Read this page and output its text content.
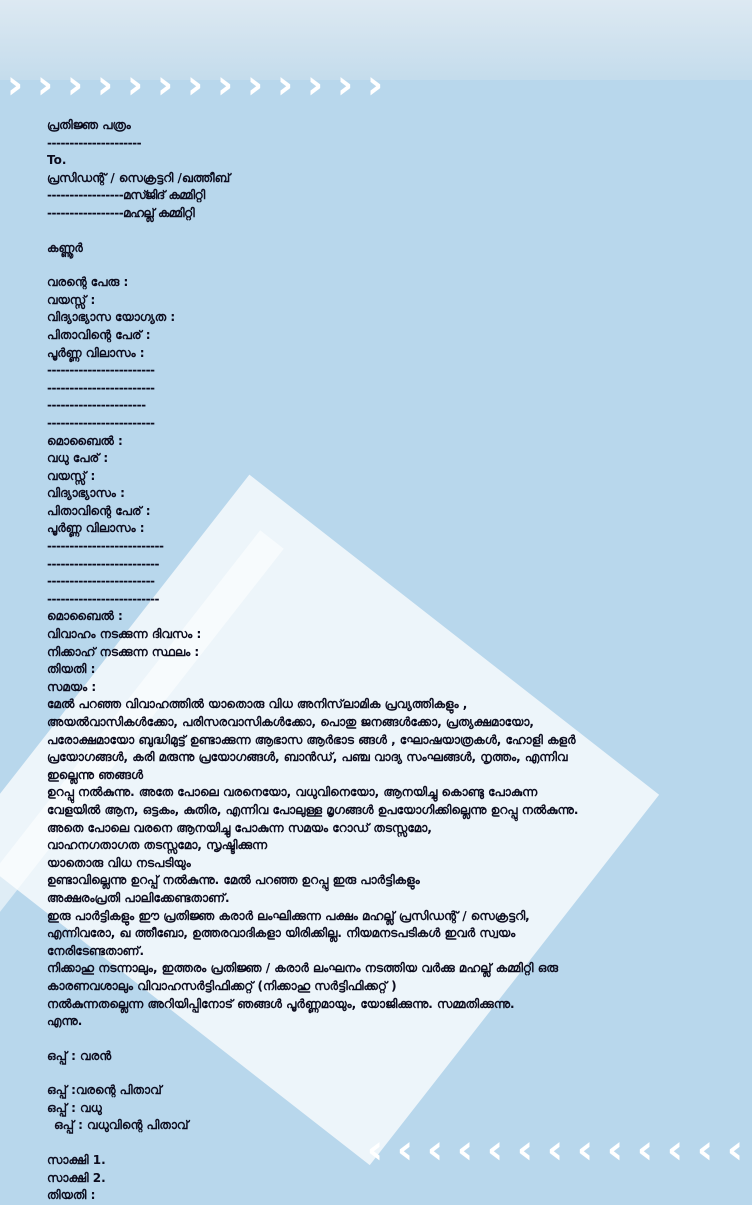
› › › › › › › › › › › › ›
‹ ‹ ‹ ‹ ‹ ‹ ‹ ‹ ‹ ‹ ‹ ‹ ‹

പ്രതിജ്ഞ പത്രം

---------------------

To.

പ്രസിഡന്റ് / സെക്രട്ടറി /ഖത്തീബ്

-----------------മസ്ജിദ് കമ്മിറ്റി

-----------------മഹല്ല് കമ്മിറ്റി

കണ്ണൂർ

വരന്റെ പേരു :

വയസ്സ് :

വിദ്യാഭ്യാസ യോഗ്യത :

പിതാവിന്റെ പേര് :

പൂർണ്ണ വിലാസം :

------------------------

------------------------

----------------------

------------------------

മൊബൈൽ :

വധു പേര് :

വയസ്സ് :

വിദ്യാഭ്യാസം :

പിതാവിന്റെ പേര് :

പൂർണ്ണ വിലാസം :

--------------------------

-------------------------

------------------------

-------------------------

മൊബൈൽ :

വിവാഹം നടക്കുന്ന ദിവസം :

നിക്കാഹ് നടക്കുന്ന സ്ഥലം :

തിയതി :

സമയം :

മേൽ പറഞ്ഞ വിവാഹത്തിൽ യാതൊരു വിധ അനിസ്‌ലാമിക പ്രവ്യത്തികളും ,

അയൽവാസികൾക്കോ, പരിസരവാസികൾക്കോ, പൊതു ജനങ്ങൾക്കോ, പ്രത്യക്ഷമായോ,

പരോക്ഷമായോ ബുദ്ധിമുട്ട് ഉണ്ടാക്കുന്ന ആഭാസ ആർഭാട ങ്ങൾ , ഘോഷയാത്രകൾ, ഹോളി കളർ

പ്രയോഗങ്ങൾ, കരി മരുന്നു പ്രയോഗങ്ങൾ, ബാൻഡ്, പഞ്ച വാദ്യ സംഘങ്ങൾ, നൃത്തം, എന്നിവ

ഇല്ലെന്നു ഞങ്ങൾ

ഉറപ്പു നൽകുന്നു. അതേ പോലെ വരനെയോ, വധുവിനെയോ, ആനയിച്ചു കൊണ്ടു പോകുന്ന

വേളയിൽ ആന, ഒട്ടകം, കുതിര, എന്നിവ പോലുള്ള മൃഗങ്ങൾ ഉപയോഗിക്കില്ലെന്നു ഉറപ്പു നൽകുന്നു.

അതെ പോലെ വരനെ ആനയിച്ചു പോകുന്ന സമയം റോഡ് തടസ്സമോ,

വാഹനഗതാഗത തടസ്സമോ, സൃഷ്ടിക്കുന്ന

യാതൊരു വിധ നടപടിയും

ഉണ്ടാവില്ലെന്നു ഉറപ്പ് നൽകുന്നു. മേൽ പറഞ്ഞ ഉറപ്പു ഇരു പാർട്ടികളും

അക്ഷരംപ്രതി പാലിക്കേണ്ടതാണ്.

ഇരു പാർട്ടികളും ഈ പ്രതിജ്ഞ കരാർ ലംഘിക്കുന്ന പക്ഷം മഹല്ല് പ്രസിഡന്റ് / സെക്രട്ടറി,

എന്നിവരോ, ഖ ത്തീബോ, ഉത്തരവാദികളാ യിരിക്കില്ല. നിയമനടപടികൾ ഇവർ സ്വയം

നേരിടേണ്ടതാണ്.

നിക്കാഹു നടന്നാലും, ഇത്തരം പ്രതിജ്ഞ / കരാർ ലംഘനം നടത്തിയ വർക്കു മഹല്ല് കമ്മിറ്റി ഒരു

കാരണവശാലും വിവാഹസർട്ടിഫിക്കറ്റ് (നിക്കാഹു സർട്ടിഫിക്കറ്റ് )

നൽകുന്നതല്ലെന്ന അറിയിപ്പിനോട് ഞങ്ങൾ പൂർണ്ണമായും, യോജിക്കുന്നു. സമ്മതിക്കുന്നു.

എന്നു.

ഒപ്പ് : വരൻ

ഒപ്പ് :വരന്റെ പിതാവ്

ഒപ്പ് : വധു

ഒപ്പ് : വധുവിന്റെ പിതാവ്

സാക്ഷി 1.

സാക്ഷി 2.

തിയതി :
